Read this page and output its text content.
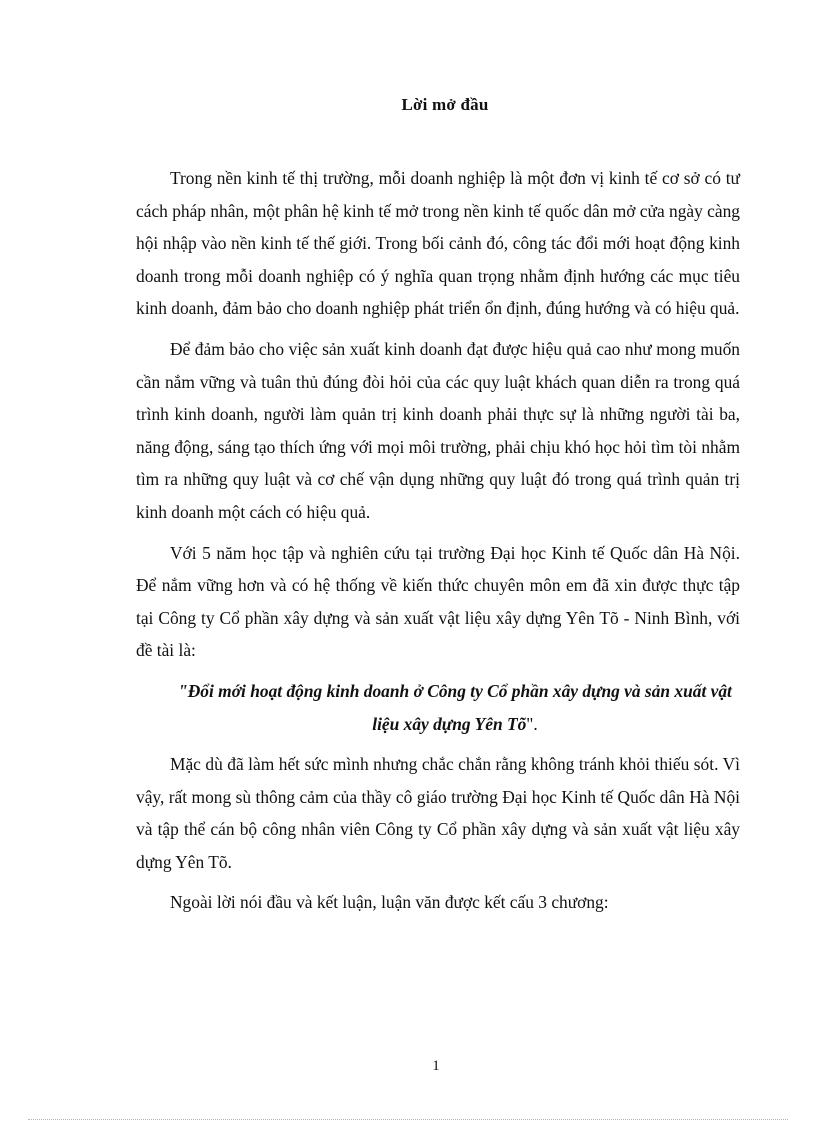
Lời mở đầu

Trong nền kinh tế thị trường, mỗi doanh nghiệp là một đơn vị kinh tế cơ sở có tư cách pháp nhân, một phân hệ kinh tế mở trong nền kinh tế quốc dân mở cửa ngày càng hội nhập vào nền kinh tế thế giới. Trong bối cảnh đó, công tác đổi mới hoạt động kinh doanh trong mỗi doanh nghiệp có ý nghĩa quan trọng nhằm định hướng các mục tiêu kinh doanh, đảm bảo cho doanh nghiệp phát triển ổn định, đúng hướng và có hiệu quả.

Để đảm bảo cho việc sản xuất kinh doanh đạt được hiệu quả cao như mong muốn cần nắm vững và tuân thủ đúng đòi hỏi của các quy luật khách quan diễn ra trong quá trình kinh doanh, người làm quản trị kinh doanh phải thực sự là những người tài ba, năng động, sáng tạo thích ứng với mọi môi trường, phải chịu khó học hỏi tìm tòi nhằm tìm ra những quy luật và cơ chế vận dụng những quy luật đó trong quá trình quản trị kinh doanh một cách có hiệu quả.

Với 5 năm học tập và nghiên cứu tại trường Đại học Kinh tế Quốc dân Hà Nội. Để nắm vững hơn và có hệ thống về kiến thức chuyên môn em đã xin được thực tập tại Công ty Cổ phần xây dựng và sản xuất vật liệu xây dựng Yên Tõ - Ninh Bình, với đề tài là:

"Đổi mới hoạt động kinh doanh ở Công ty Cổ phần xây dựng và sản xuất vật liệu xây dựng Yên Tõ".

Mặc dù đã làm hết sức mình nhưng chắc chắn rằng không tránh khỏi thiếu sót. Vì vậy, rất mong sù thông cảm của thầy cô giáo trường Đại học Kinh tế Quốc dân Hà Nội và tập thể cán bộ công nhân viên Công ty Cổ phần xây dựng và sản xuất vật liệu xây dựng Yên Tõ.

Ngoài lời nói đầu và kết luận, luận văn được kết cấu 3 chương:

1
